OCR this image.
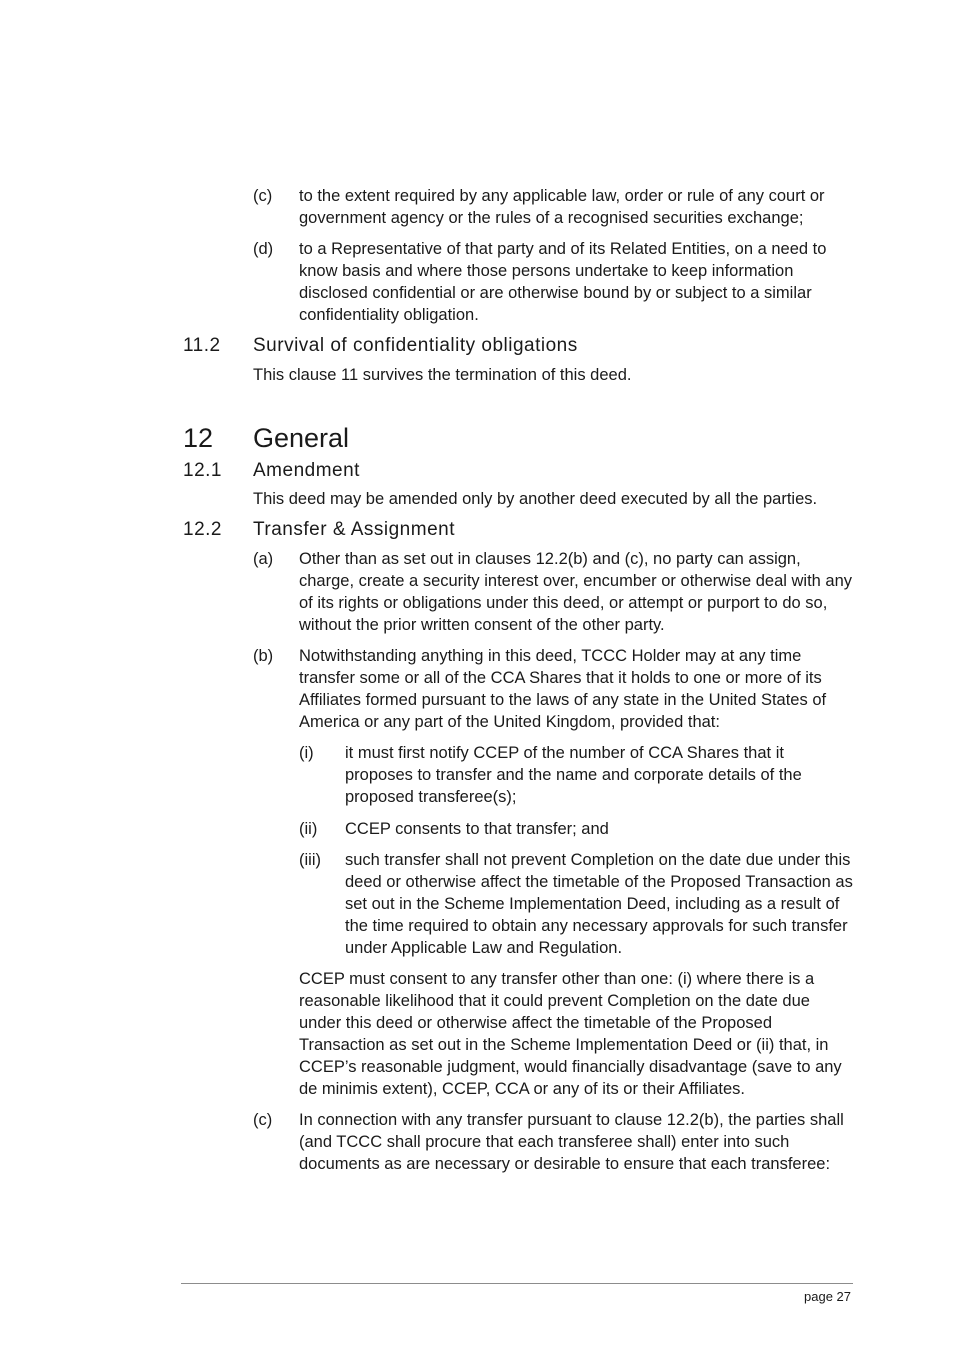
(c) to the extent required by any applicable law, order or rule of any court or government agency or the rules of a recognised securities exchange;
(d) to a Representative of that party and of its Related Entities, on a need to know basis and where those persons undertake to keep information disclosed confidential or are otherwise bound by or subject to a similar confidentiality obligation.
11.2 Survival of confidentiality obligations
This clause 11 survives the termination of this deed.
12 General
12.1 Amendment
This deed may be amended only by another deed executed by all the parties.
12.2 Transfer & Assignment
(a) Other than as set out in clauses 12.2(b) and (c), no party can assign, charge, create a security interest over, encumber or otherwise deal with any of its rights or obligations under this deed, or attempt or purport to do so, without the prior written consent of the other party.
(b) Notwithstanding anything in this deed, TCCC Holder may at any time transfer some or all of the CCA Shares that it holds to one or more of its Affiliates formed pursuant to the laws of any state in the United States of America or any part of the United Kingdom, provided that:
(i) it must first notify CCEP of the number of CCA Shares that it proposes to transfer and the name and corporate details of the proposed transferee(s);
(ii) CCEP consents to that transfer; and
(iii) such transfer shall not prevent Completion on the date due under this deed or otherwise affect the timetable of the Proposed Transaction as set out in the Scheme Implementation Deed, including as a result of the time required to obtain any necessary approvals for such transfer under Applicable Law and Regulation.
CCEP must consent to any transfer other than one: (i) where there is a reasonable likelihood that it could prevent Completion on the date due under this deed or otherwise affect the timetable of the Proposed Transaction as set out in the Scheme Implementation Deed or (ii) that, in CCEP’s reasonable judgment, would financially disadvantage (save to any de minimis extent), CCEP, CCA or any of its or their Affiliates.
(c) In connection with any transfer pursuant to clause 12.2(b), the parties shall (and TCCC shall procure that each transferee shall) enter into such documents as are necessary or desirable to ensure that each transferee:
page 27
